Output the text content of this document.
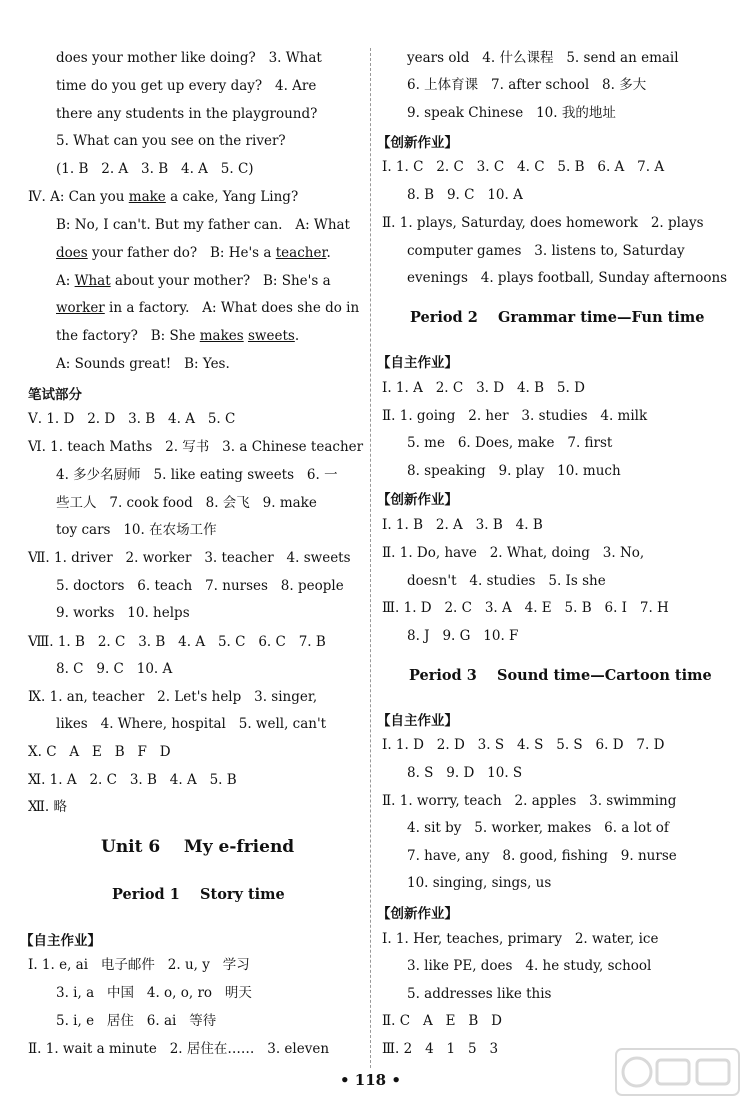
does your mother like doing?   3. What
time do you get up every day?   4. Are
there any students in the playground?
5. What can you see on the river?
(1. B   2. A   3. B   4. A   5. C)
Ⅳ. A: Can you make a cake, Yang Ling?
B: No, I can't. But my father can.   A: What
does your father do?   B: He's a teacher.
A: What about your mother?   B: She's a
worker in a factory.   A: What does she do in
the factory?   B: She makes sweets.
A: Sounds great!   B: Yes.
笔试部分
Ⅴ. 1. D   2. D   3. B   4. A   5. C
Ⅵ. 1. teach Maths   2. 写书   3. a Chinese teacher
4. 多少名厨师   5. like eating sweets   6. 一
些工人   7. cook food   8. 会飞   9. make
toy cars   10. 在农场工作
Ⅶ. 1. driver   2. worker   3. teacher   4. sweets
5. doctors   6. teach   7. nurses   8. people
9. works   10. helps
Ⅷ. 1. B   2. C   3. B   4. A   5. C   6. C   7. B
8. C   9. C   10. A
Ⅸ. 1. an, teacher   2. Let's help   3. singer,
likes   4. Where, hospital   5. well, can't
Ⅹ. C   A   E   B   F   D
Ⅺ. 1. A   2. C   3. B   4. A   5. B
Ⅻ. 略
Unit 6    My e-friend
Period 1    Story time
【自主作业】
Ⅰ. 1. e, ai   电子邮件   2. u, y   学习
3. i, a   中国   4. o, o, ro   明天
5. i, e   居住   6. ai   等待
Ⅱ. 1. wait a minute   2. 居住在……   3. eleven
years old   4. 什么课程   5. send an email
6. 上体育课   7. after school   8. 多大
9. speak Chinese   10. 我的地址
【创新作业】
Ⅰ. 1. C   2. C   3. C   4. C   5. B   6. A   7. A
8. B   9. C   10. A
Ⅱ. 1. plays, Saturday, does homework   2. plays
computer games   3. listens to, Saturday
evenings   4. plays football, Sunday afternoons
Period 2    Grammar time—Fun time
【自主作业】
Ⅰ. 1. A   2. C   3. D   4. B   5. D
Ⅱ. 1. going   2. her   3. studies   4. milk
5. me   6. Does, make   7. first
8. speaking   9. play   10. much
【创新作业】
Ⅰ. 1. B   2. A   3. B   4. B
Ⅱ. 1. Do, have   2. What, doing   3. No,
doesn't   4. studies   5. Is she
Ⅲ. 1. D   2. C   3. A   4. E   5. B   6. I   7. H
8. J   9. G   10. F
Period 3    Sound time—Cartoon time
【自主作业】
Ⅰ. 1. D   2. D   3. S   4. S   5. S   6. D   7. D
8. S   9. D   10. S
Ⅱ. 1. worry, teach   2. apples   3. swimming
4. sit by   5. worker, makes   6. a lot of
7. have, any   8. good, fishing   9. nurse
10. singing, sings, us
【创新作业】
Ⅰ. 1. Her, teaches, primary   2. water, ice
3. like PE, does   4. he study, school
5. addresses like this
Ⅱ. C   A   E   B   D
Ⅲ. 2   4   1   5   3
• 118 •
